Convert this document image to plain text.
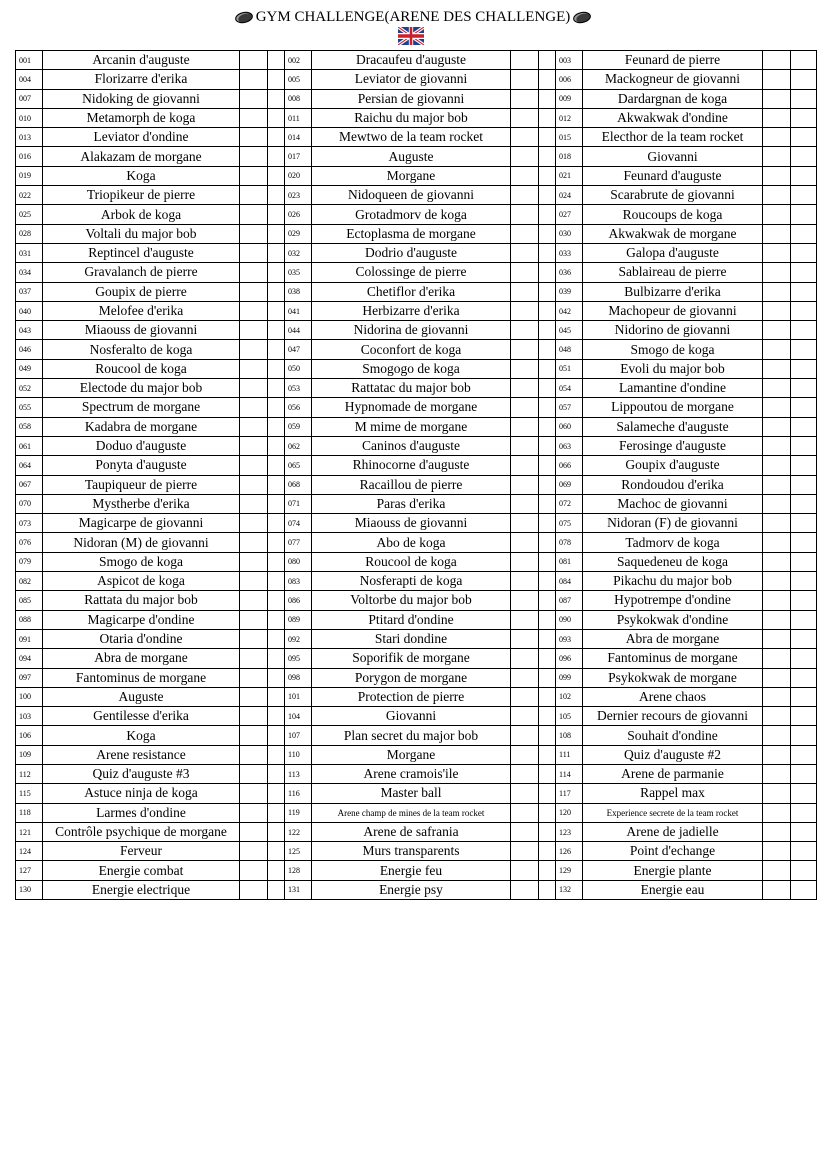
GYM CHALLENGE(ARENE DES CHALLENGE)
001	Arcanin d'auguste			002	Dracaufeu d'auguste			003	Feunard de pierre		
004	Florizarre d'erika			005	Leviator de giovanni			006	Mackogneur de giovanni		
007	Nidoking de giovanni			008	Persian de giovanni			009	Dardargnan de koga		
010	Metamorph de koga			011	Raichu du major bob			012	Akwakwak d'ondine		
013	Leviator d'ondine			014	Mewtwo de la team rocket			015	Electhor de la team rocket		
016	Alakazam de morgane			017	Auguste			018	Giovanni		
019	Koga			020	Morgane			021	Feunard d'auguste		
022	Triopikeur de pierre			023	Nidoqueen de giovanni			024	Scarabrute de giovanni		
025	Arbok de koga			026	Grotadmorv de koga			027	Roucoups de koga		
028	Voltali du major bob			029	Ectoplasma de morgane			030	Akwakwak de morgane		
031	Reptincel d'auguste			032	Dodrio d'auguste			033	Galopa d'auguste		
034	Gravalanch de pierre			035	Colossinge de pierre			036	Sablaireau de pierre		
037	Goupix de pierre			038	Chetiflor d'erika			039	Bulbizarre d'erika		
040	Melofee d'erika			041	Herbizarre d'erika			042	Machopeur de giovanni		
043	Miaouss de giovanni			044	Nidorina de giovanni			045	Nidorino de giovanni		
046	Nosferalto de koga			047	Coconfort de koga			048	Smogo de koga		
049	Roucool de koga			050	Smogogo de koga			051	Evoli du major bob		
052	Electode du major bob			053	Rattatac du major bob			054	Lamantine d'ondine		
055	Spectrum de morgane			056	Hypnomade de morgane			057	Lippoutou de morgane		
058	Kadabra de morgane			059	M mime de morgane			060	Salameche d'auguste		
061	Doduo d'auguste			062	Caninos d'auguste			063	Ferosinge d'auguste		
064	Ponyta d'auguste			065	Rhinocorne d'auguste			066	Goupix d'auguste		
067	Taupiqueur de pierre			068	Racaillou de pierre			069	Rondoudou d'erika		
070	Mystherbe d'erika			071	Paras d'erika			072	Machoc de giovanni		
073	Magicarpe de giovanni			074	Miaouss de giovanni			075	Nidoran (F) de giovanni		
076	Nidoran (M) de giovanni			077	Abo de koga			078	Tadmorv de koga		
079	Smogo de koga			080	Roucool de koga			081	Saquedeneu de koga		
082	Aspicot de koga			083	Nosferapti de koga			084	Pikachu du major bob		
085	Rattata du major bob			086	Voltorbe du major bob			087	Hypotrempe d'ondine		
088	Magicarpe d'ondine			089	Ptitard d'ondine			090	Psykokwak d'ondine		
091	Otaria d'ondine			092	Stari dondine			093	Abra de morgane		
094	Abra de morgane			095	Soporifik de morgane			096	Fantominus de morgane		
097	Fantominus de morgane			098	Porygon de morgane			099	Psykokwak de morgane		
100	Auguste			101	Protection de pierre			102	Arene chaos		
103	Gentilesse d'erika			104	Giovanni			105	Dernier recours de giovanni		
106	Koga			107	Plan secret du major bob			108	Souhait d'ondine		
109	Arene resistance			110	Morgane			111	Quiz d'auguste #2		
112	Quiz d'auguste #3			113	Arene cramois'ile			114	Arene de parmanie		
115	Astuce ninja de koga			116	Master ball			117	Rappel max		
118	Larmes d'ondine			119	Arene champ de mines de la team rocket			120	Experience secrete de la team rocket		
121	Contrôle psychique de morgane			122	Arene de safrania			123	Arene de jadielle		
124	Ferveur			125	Murs transparents			126	Point d'echange		
127	Energie combat			128	Energie feu			129	Energie plante		
130	Energie electrique			131	Energie psy			132	Energie eau		
